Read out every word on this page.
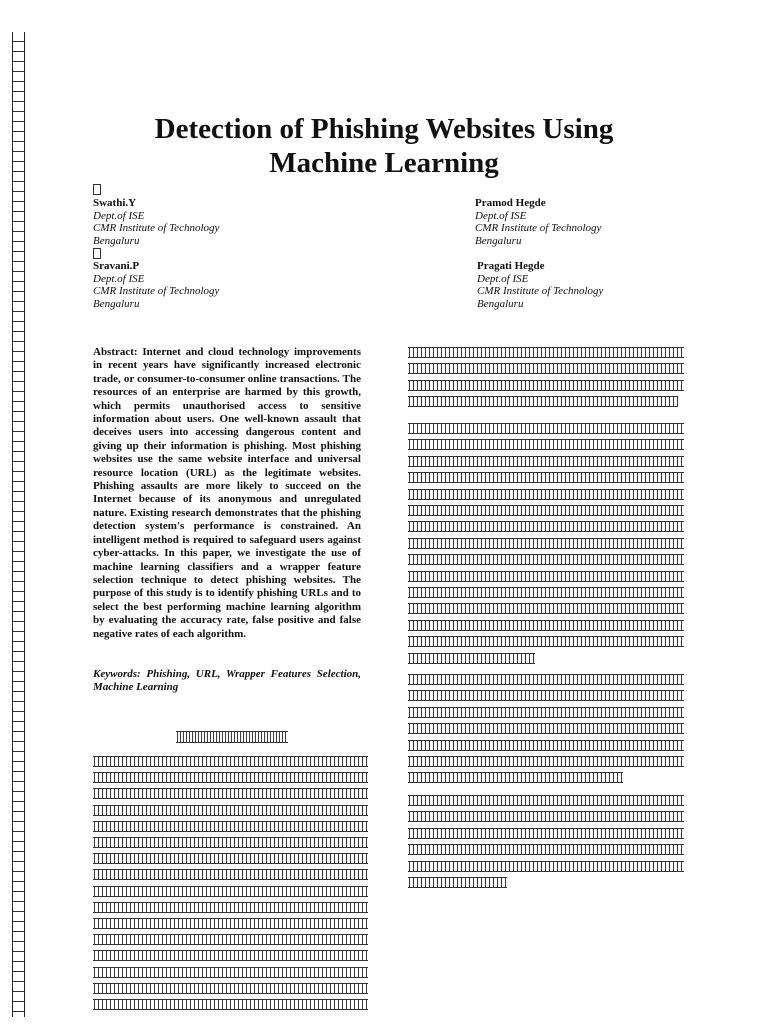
Detection of Phishing Websites Using Machine Learning
Swathi.Y
Dept.of ISE
CMR Institute of Technology
Bengaluru
Pramod Hegde
Dept.of ISE
CMR Institute of Technology
Bengaluru
Sravani.P
Dept.of ISE
CMR Institute of Technology
Bengaluru
Pragati Hegde
Dept.of ISE
CMR Institute of Technology
Bengaluru

Abstract: Internet and cloud technology improvements in recent years have significantly increased electronic trade, or consumer-to-consumer online transactions. The resources of an enterprise are harmed by this growth, which permits unauthorised access to sensitive information about users. One well-known assault that deceives users into accessing dangerous content and giving up their information is phishing. Most phishing websites use the same website interface and universal resource location (URL) as the legitimate websites. Phishing assaults are more likely to succeed on the Internet because of its anonymous and unregulated nature. Existing research demonstrates that the phishing detection system's performance is constrained. An intelligent method is required to safeguard users against cyber-attacks. In this paper, we investigate the use of machine learning classifiers and a wrapper feature selection technique to detect phishing websites. The purpose of this study is to identify phishing URLs and to select the best performing machine learning algorithm by evaluating the accuracy rate, false positive and false negative rates of each algorithm.

Keywords: Phishing, URL, Wrapper Features Selection, Machine Learning
